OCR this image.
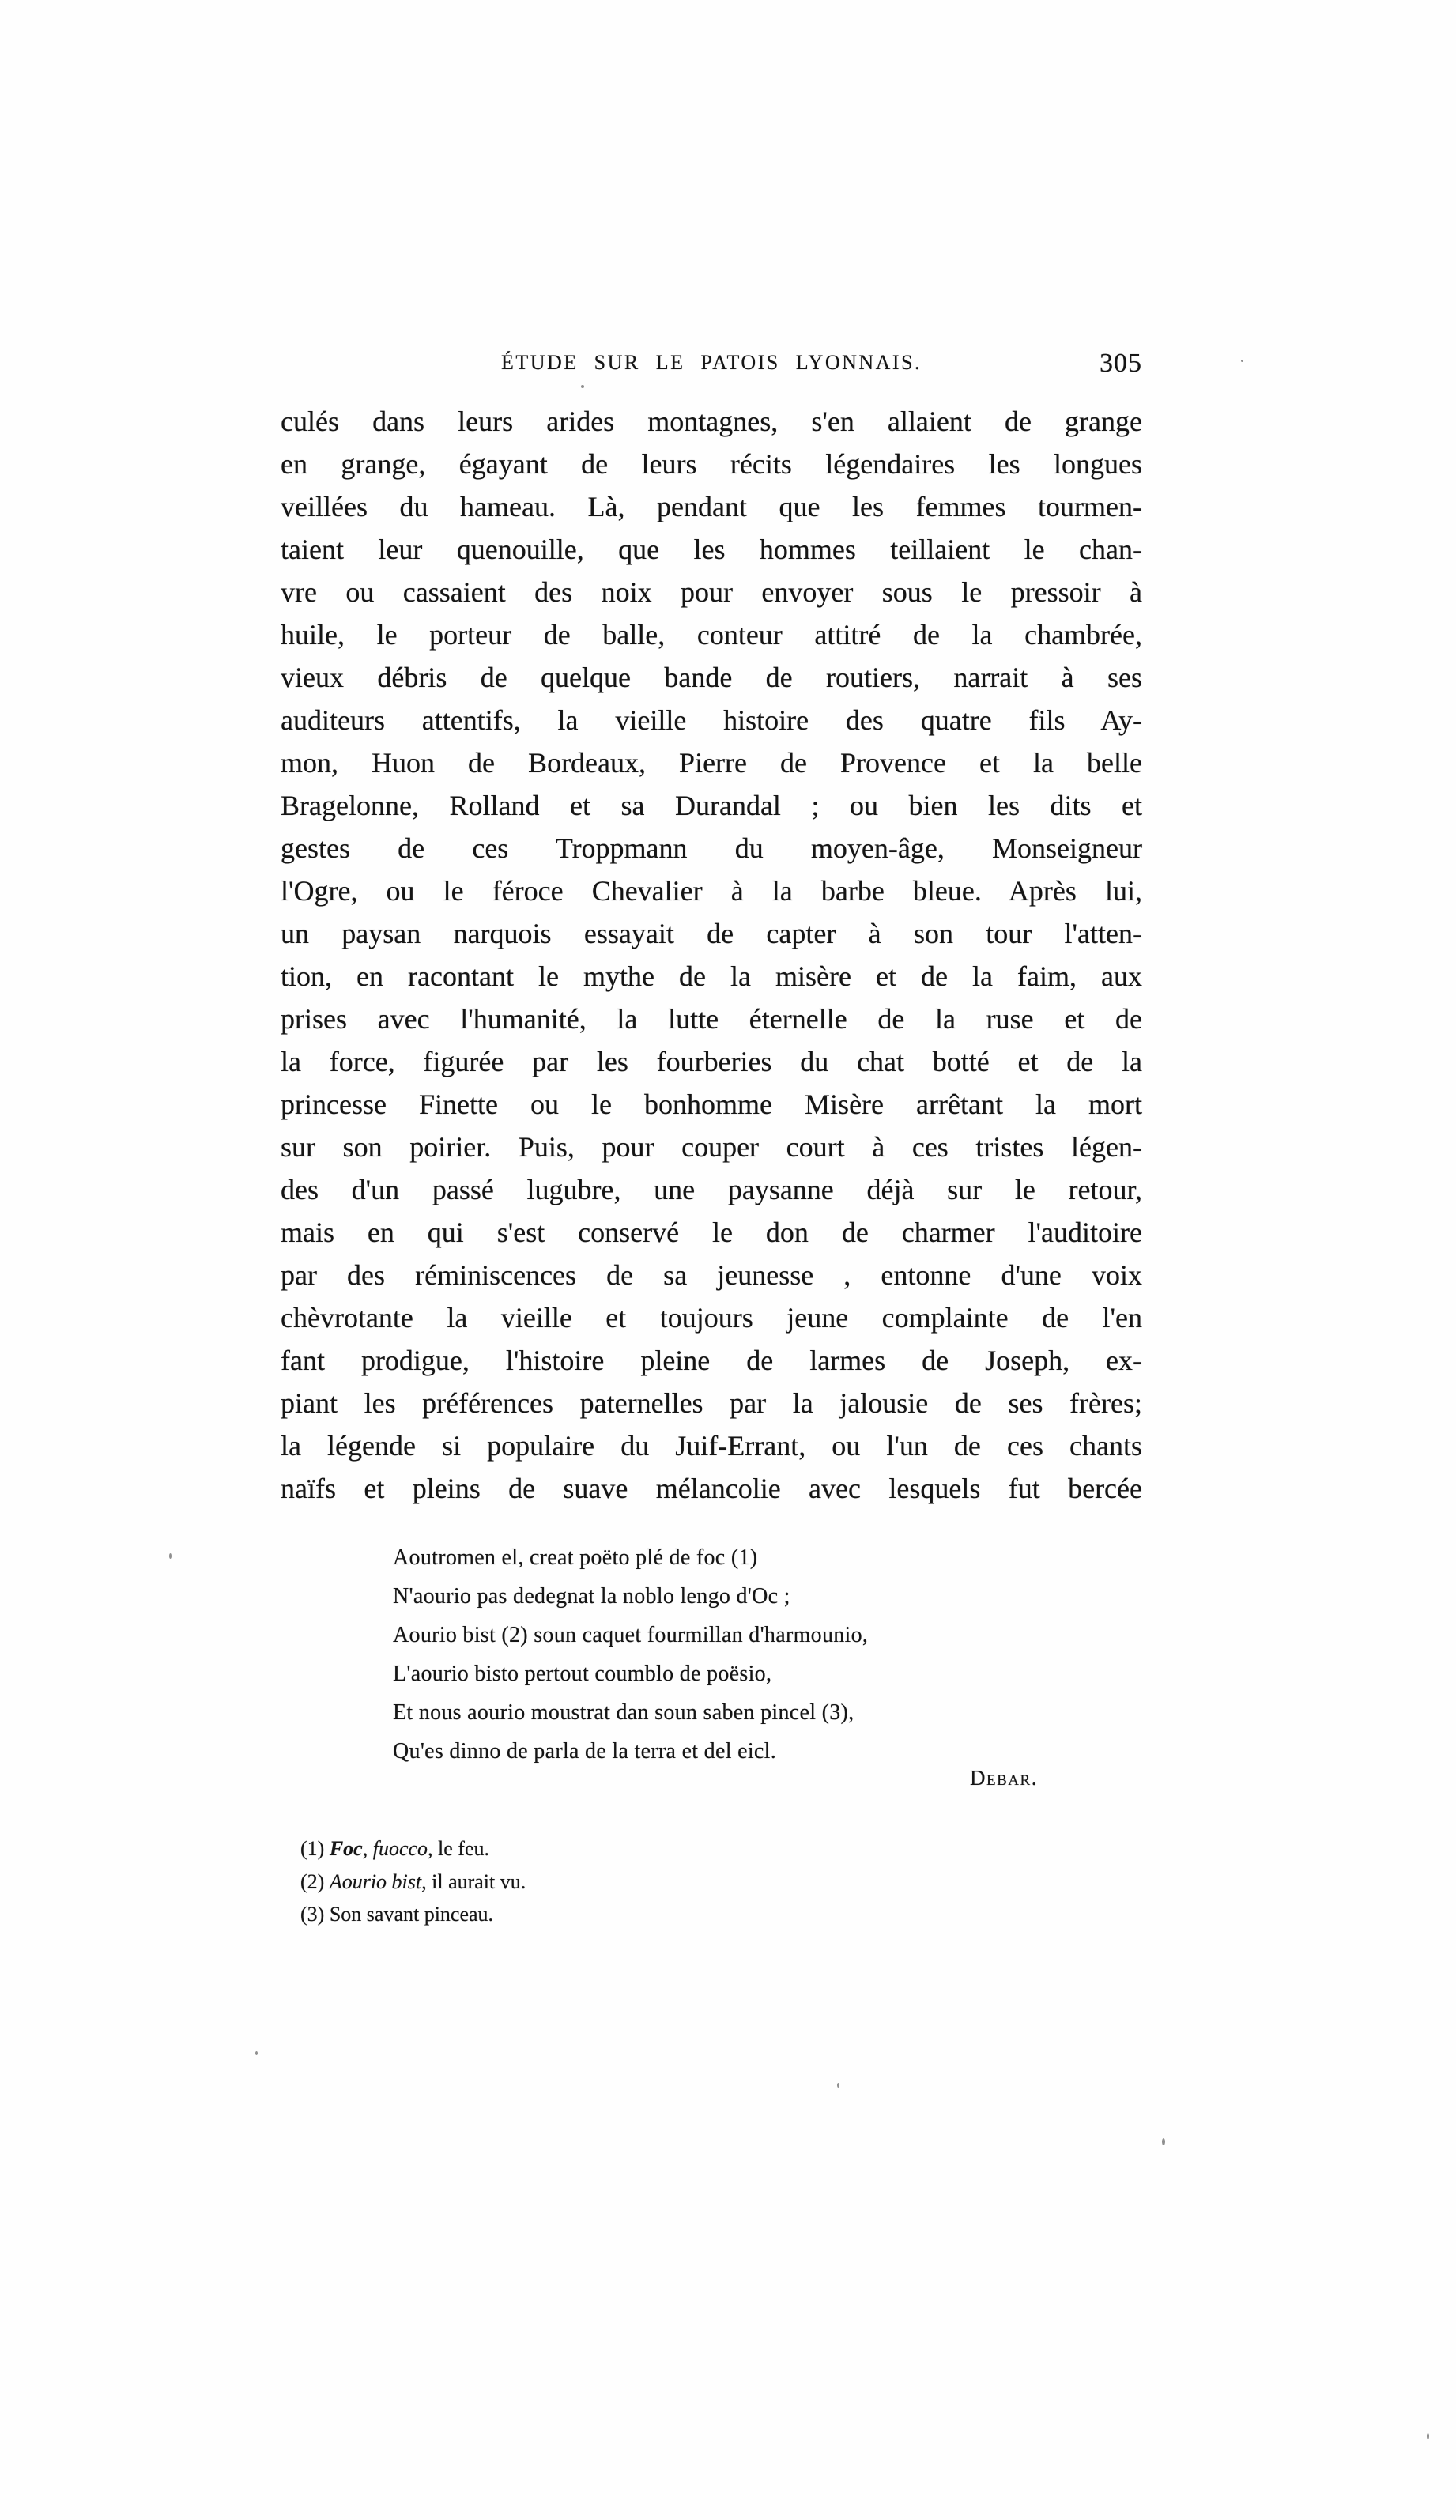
ÉTUDE SUR LE PATOIS LYONNAIS.	305
culés dans leurs arides montagnes, s'en allaient de grange
en grange, égayant de leurs récits légendaires les longues
veillées du hameau. Là, pendant que les femmes tourmen-
taient leur quenouille, que les hommes teillaient le chan-
vre ou cassaient des noix pour envoyer sous le pressoir à
huile, le porteur de balle, conteur attitré de la chambrée,
vieux débris de quelque bande de routiers, narrait à ses
auditeurs attentifs, la vieille histoire des quatre fils Ay-
mon, Huon de Bordeaux, Pierre de Provence et la belle
Bragelonne, Rolland et sa Durandal ; ou bien les dits et
gestes de ces Troppmann du moyen-âge, Monseigneur
l'Ogre, ou le féroce Chevalier à la barbe bleue. Après lui,
un paysan narquois essayait de capter à son tour l'atten-
tion, en racontant le mythe de la misère et de la faim, aux
prises avec l'humanité, la lutte éternelle de la ruse et de
la force, figurée par les fourberies du chat botté et de la
princesse Finette ou le bonhomme Misère arrêtant la mort
sur son poirier. Puis, pour couper court à ces tristes légen-
des d'un passé lugubre, une paysanne déjà sur le retour,
mais en qui s'est conservé le don de charmer l'auditoire
par des réminiscences de sa jeunesse , entonne d'une voix
chèvrotante la vieille et toujours jeune complainte de l'en
fant prodigue, l'histoire pleine de larmes de Joseph, ex-
piant les préférences paternelles par la jalousie de ses frères;
la légende si populaire du Juif-Errant, ou l'un de ces chants
naïfs et pleins de suave mélancolie avec lesquels fut bercée
Aoutromen el, creat poëto plé de foc (1)
N'aourio pas dedegnat la noblo lengo d'Oc ;
Aourio bist (2) soun caquet fourmillan d'harmounio,
L'aourio bisto pertout coumblo de poësio,
Et nous aourio moustrat dan soun saben pincel (3),
Qu'es dinno de parla de la terra et del eicl.
Debar.
(1) Foc, fuocco, le feu.
(2) Aourio bist, il aurait vu.
(3) Son savant pinceau.
